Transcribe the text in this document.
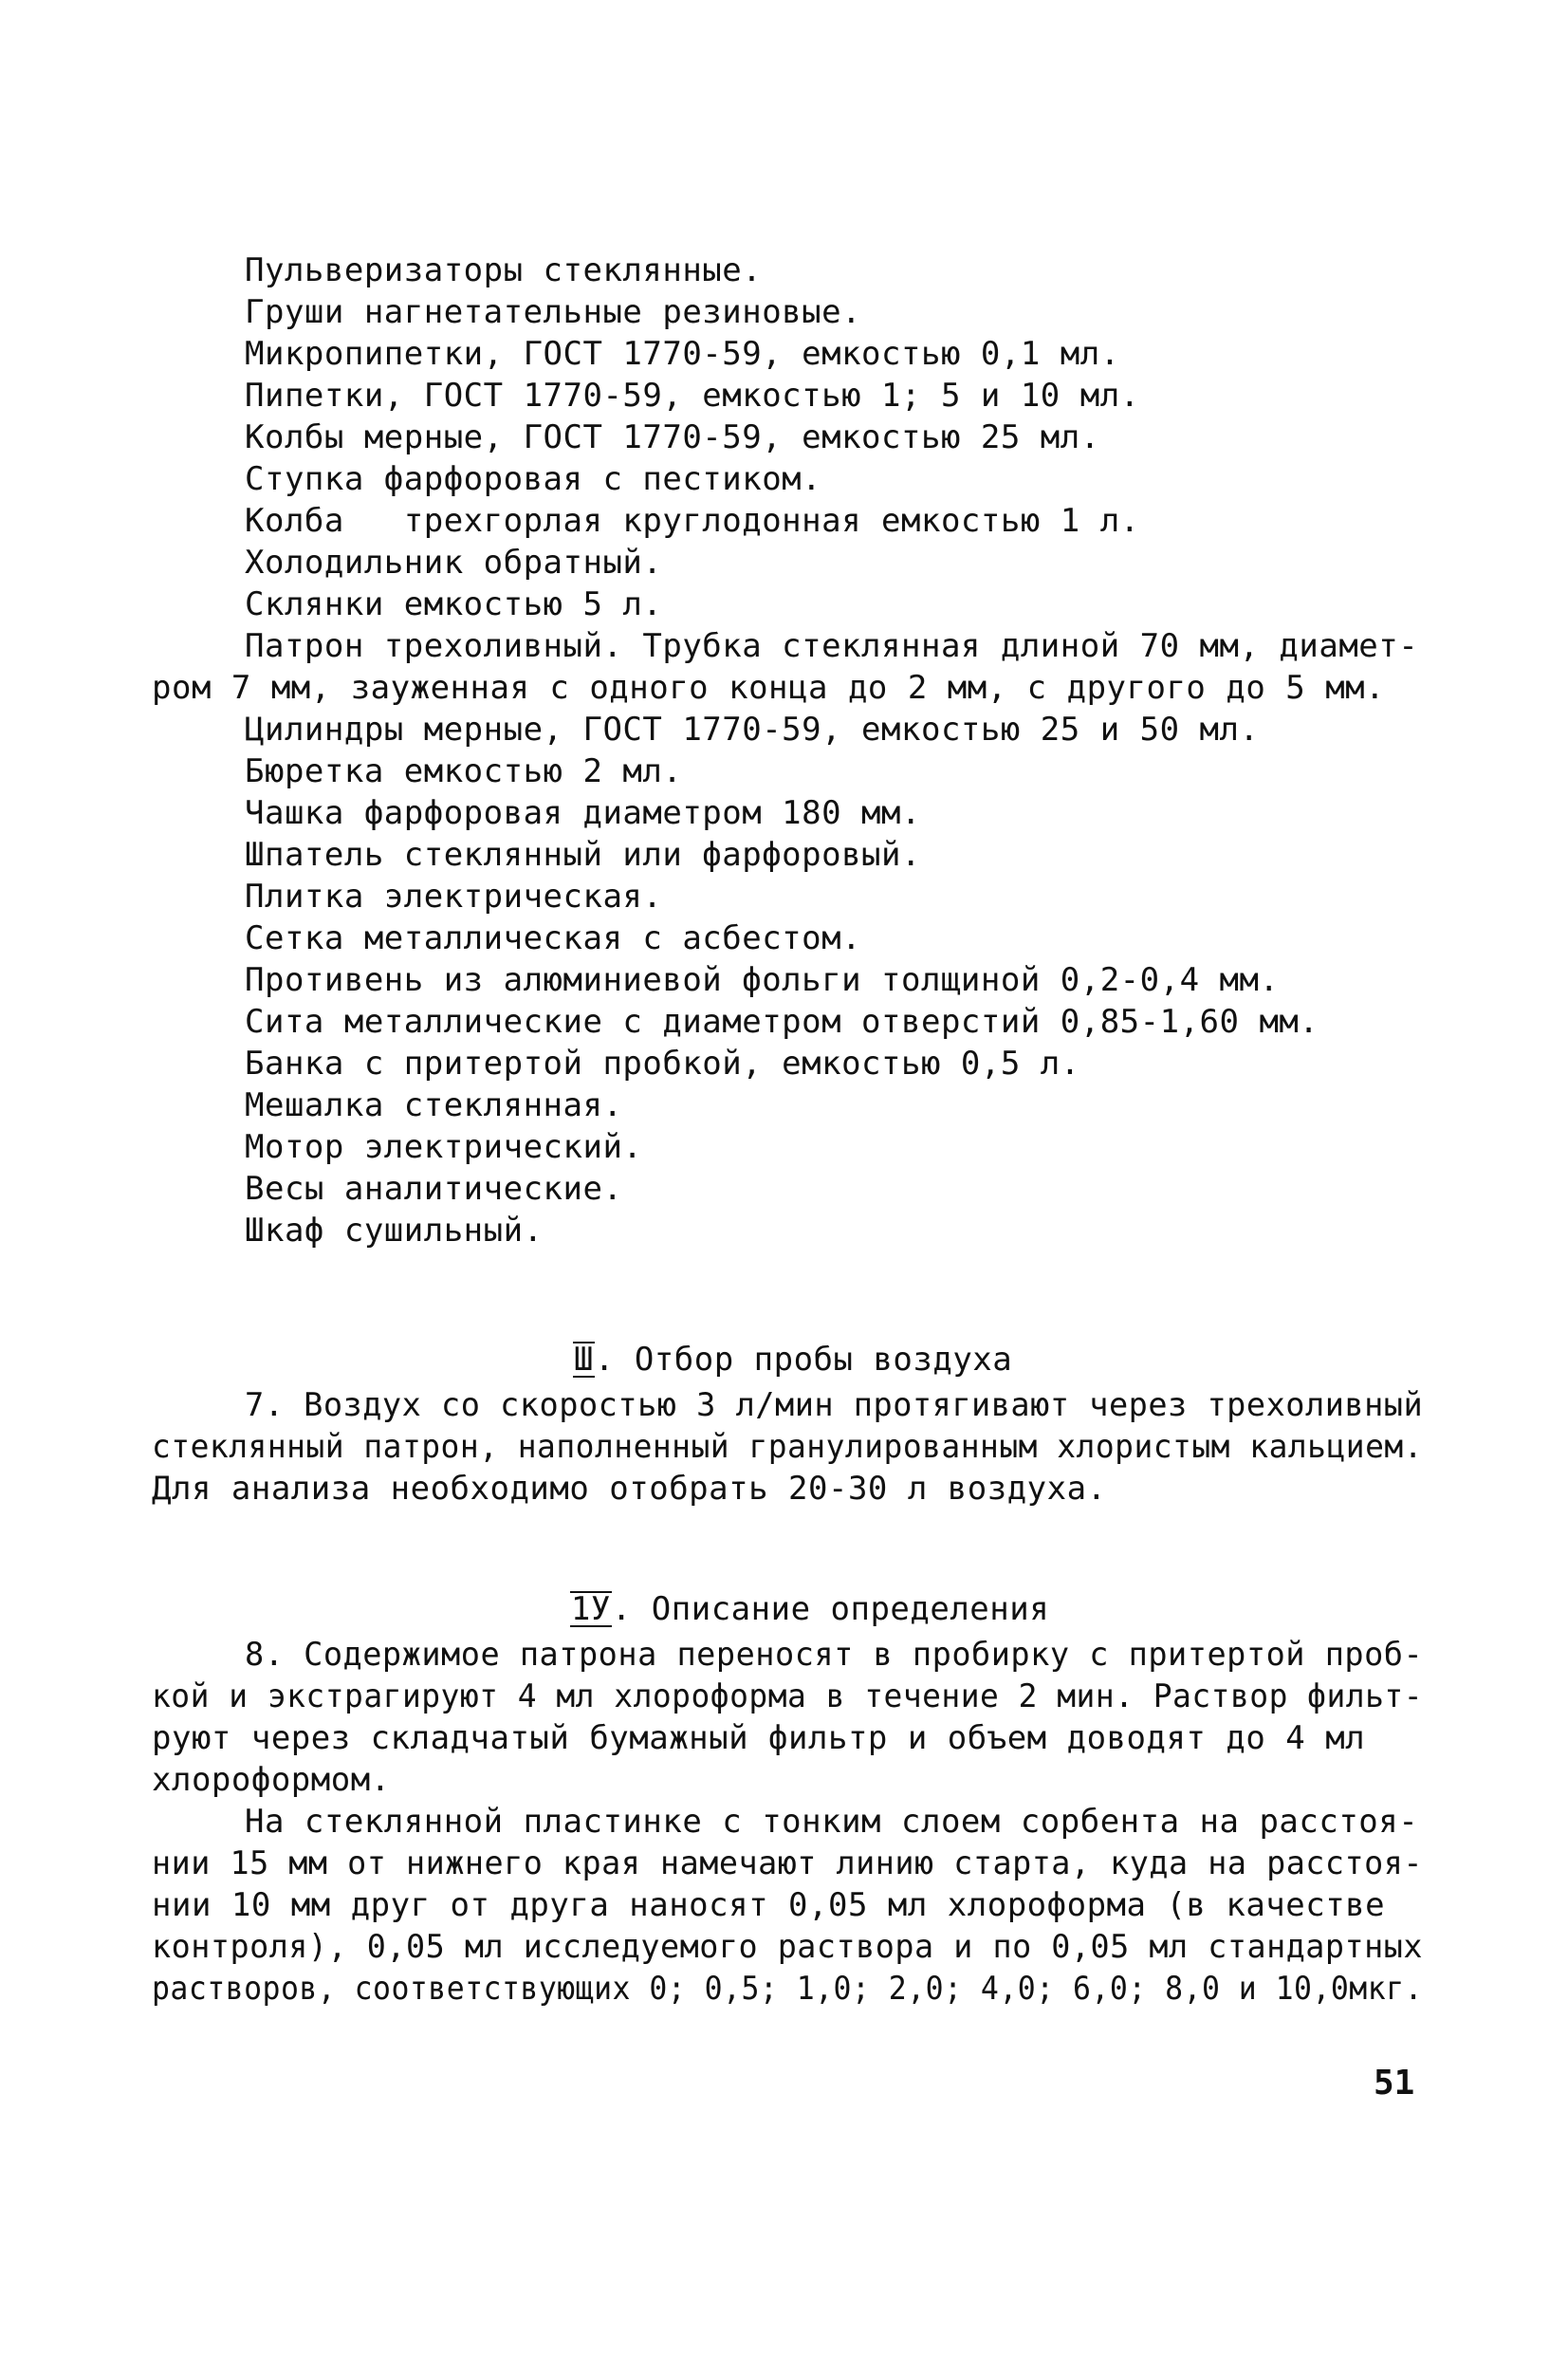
Пульверизаторы стеклянные.
Груши нагнетательные резиновые.
Микропипетки, ГОСТ 1770-59, емкостью 0,1 мл.
Пипетки, ГОСТ 1770-59, емкостью 1; 5 и 10 мл.
Колбы мерные, ГОСТ 1770-59, емкостью 25 мл.
Ступка фарфоровая с пестиком.
Колба   трехгорлая круглодонная емкостью 1 л.
Холодильник обратный.
Склянки емкостью 5 л.
Патрон трехоливный. Трубка стеклянная длиной 70 мм, диамет-
ром 7 мм, зауженная с одного конца до 2 мм, с другого до 5 мм.
Цилиндры мерные, ГОСТ 1770-59, емкостью 25 и 50 мл.
Бюретка емкостью 2 мл.
Чашка фарфоровая диаметром 180 мм.
Шпатель стеклянный или фарфоровый.
Плитка электрическая.
Сетка металлическая с асбестом.
Противень из алюминиевой фольги толщиной 0,2-0,4 мм.
Сита металлические с диаметром отверстий 0,85-1,60 мм.
Банка с притертой пробкой, емкостью 0,5 л.
Мешалка стеклянная.
Мотор электрический.
Весы аналитические.
Шкаф сушильный.

Ш. Отбор пробы воздуха

7. Воздух со скоростью 3 л/мин протягивают через трехоливный
стеклянный патрон, наполненный гранулированным хлористым кальцием.
Для анализа необходимо отобрать 20-30 л воздуха.

1У. Описание определения

8. Содержимое патрона переносят в пробирку с притертой проб-
кой и экстрагируют 4 мл хлороформа в течение 2 мин. Раствор фильт-
руют через складчатый бумажный фильтр и объем доводят до 4 мл
хлороформом.
На стеклянной пластинке с тонким слоем сорбента на расстоя-
нии 15 мм от нижнего края намечают линию старта, куда на расстоя-
нии 10 мм друг от друга наносят 0,05 мл хлороформа (в качестве
контроля), 0,05 мл исследуемого раствора и по 0,05 мл стандартных
растворов, соответствующих 0; 0,5; 1,0; 2,0; 4,0; 6,0; 8,0 и 10,0мкг.
51
